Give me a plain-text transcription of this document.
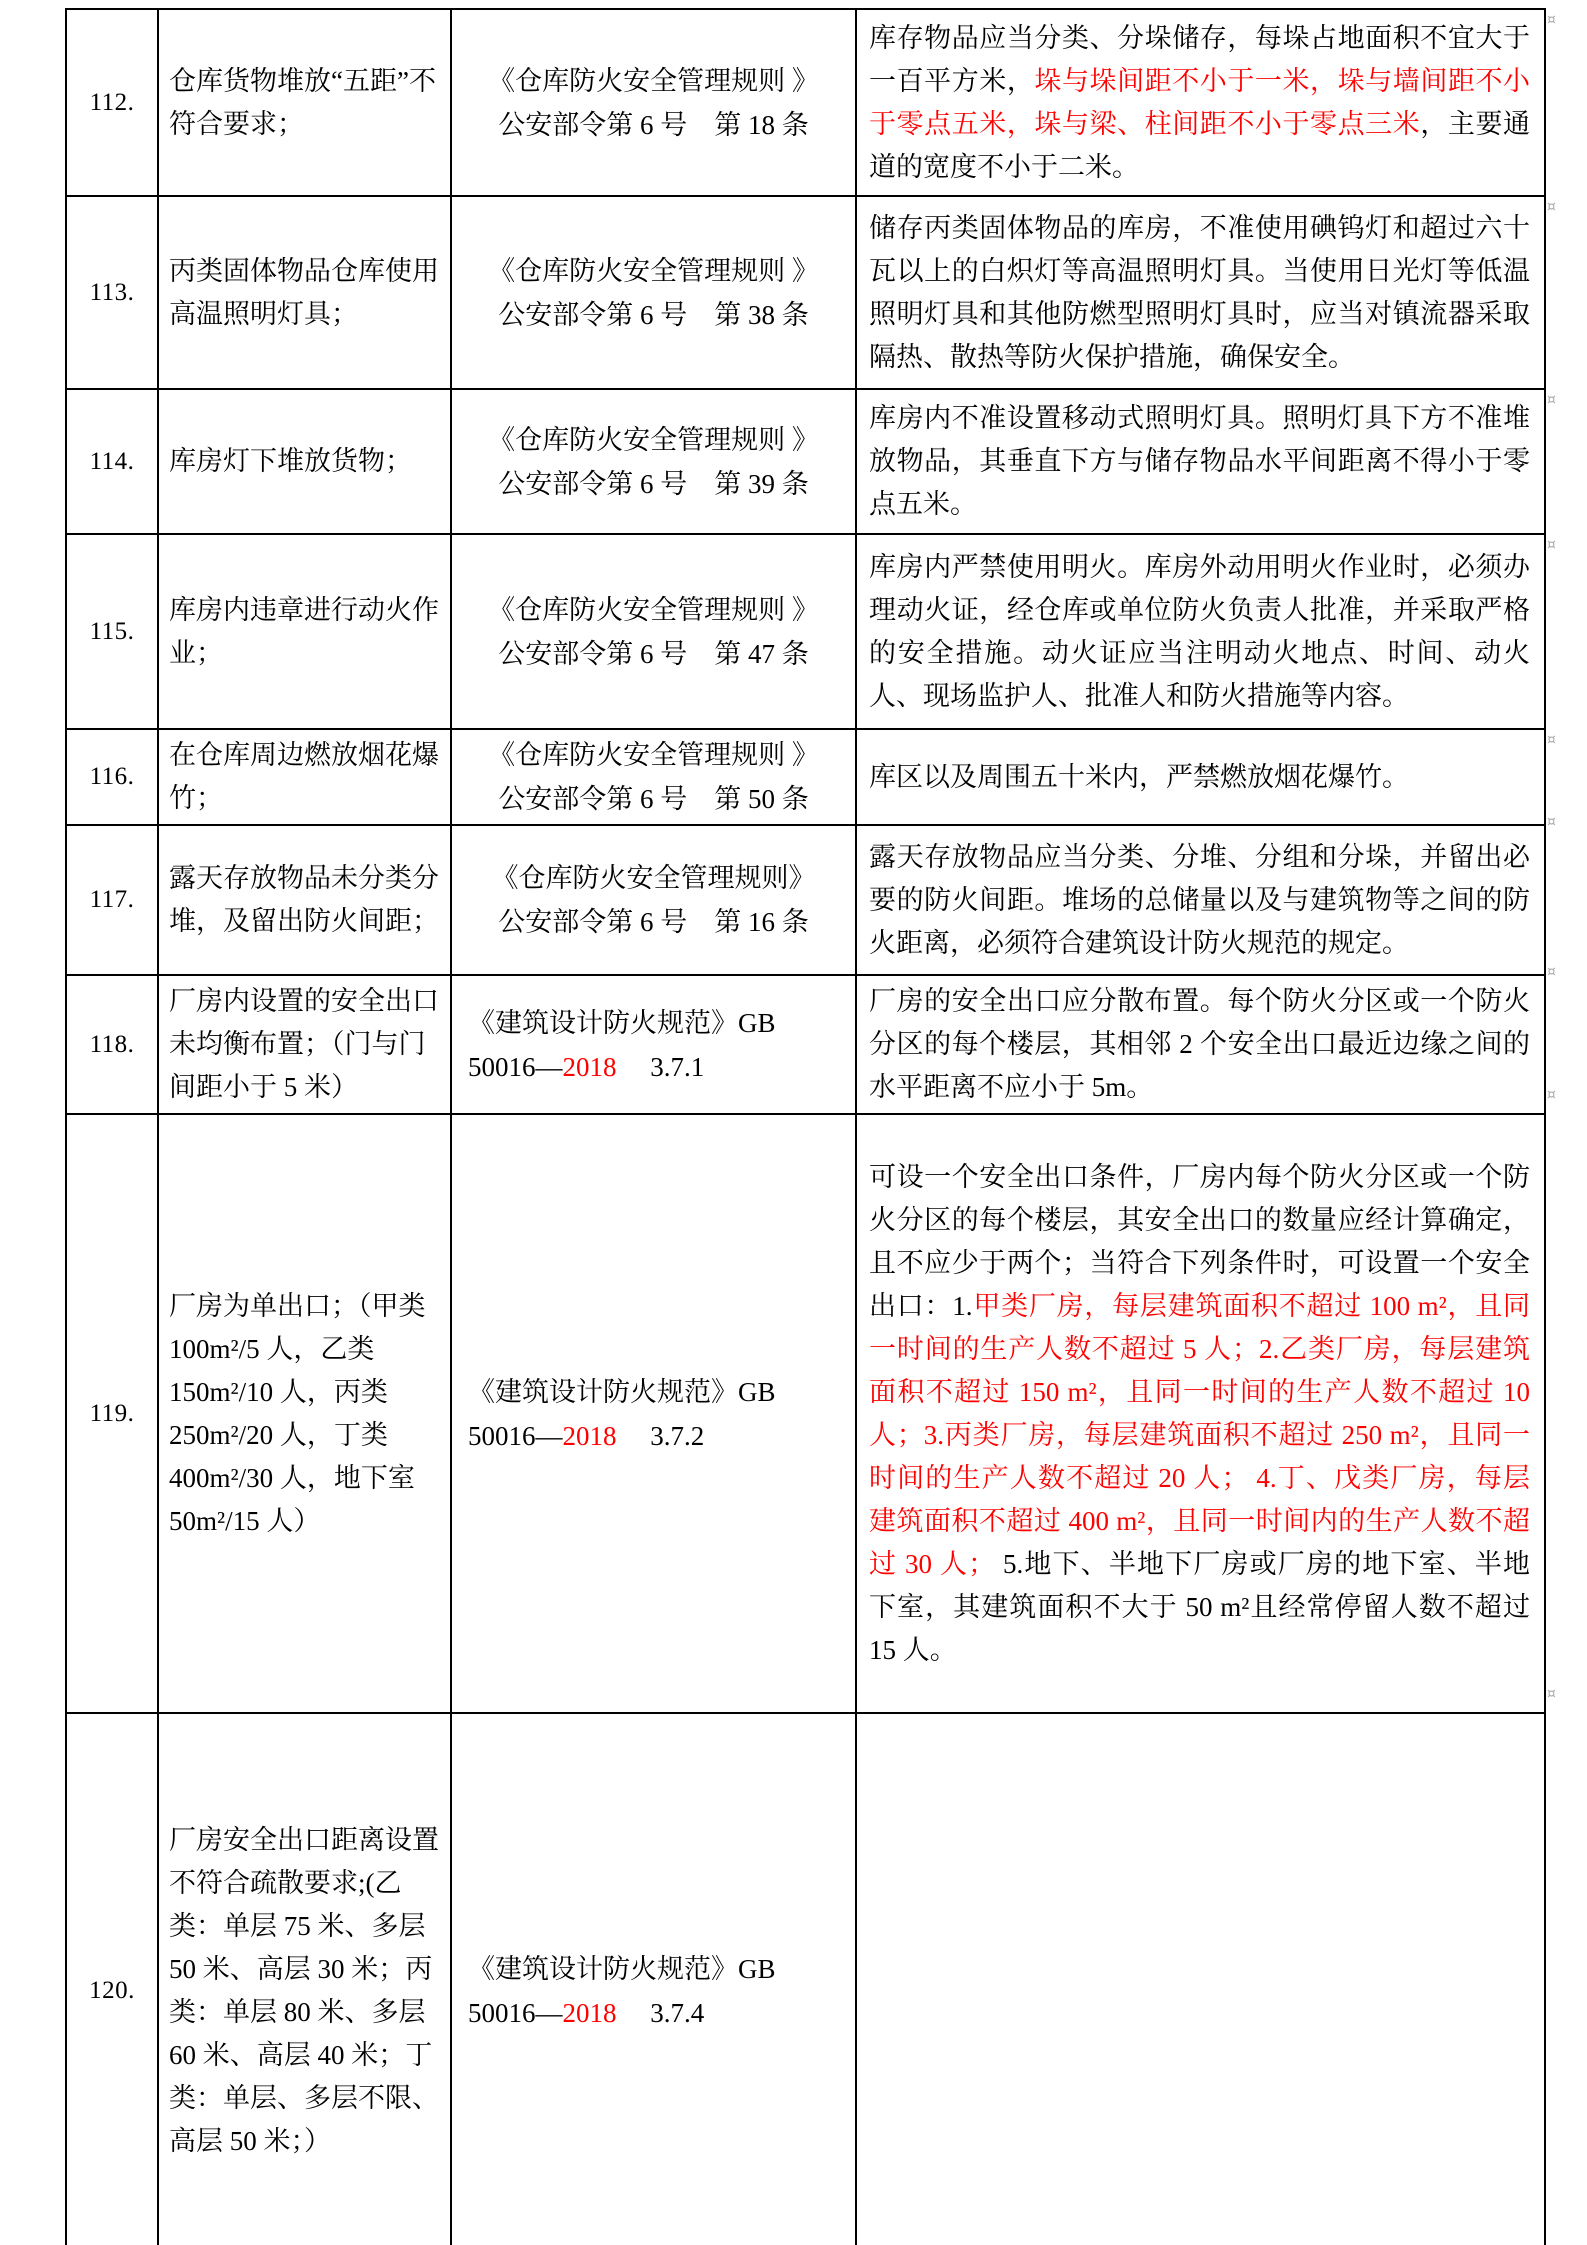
112.	仓库货物堆放“五距”不符合要求；	《仓库防火安全管理规则 》
公安部令第 6 号　第 18 条	库存物品应当分类、分垛储存，每垛占地面积不宜大于一百平方米，垛与垛间距不小于一米，垛与墙间距不小于零点五米，垛与梁、柱间距不小于零点三米，主要通道的宽度不小于二米。
113.	丙类固体物品仓库使用高温照明灯具；	《仓库防火安全管理规则 》
公安部令第 6 号　第 38 条	储存丙类固体物品的库房，不准使用碘钨灯和超过六十瓦以上的白炽灯等高温照明灯具。当使用日光灯等低温照明灯具和其他防燃型照明灯具时，应当对镇流器采取隔热、散热等防火保护措施，确保安全。
114.	库房灯下堆放货物；	《仓库防火安全管理规则 》
公安部令第 6 号　第 39 条	库房内不准设置移动式照明灯具。照明灯具下方不准堆放物品，其垂直下方与储存物品水平间距离不得小于零点五米。
115.	库房内违章进行动火作业；	《仓库防火安全管理规则 》
公安部令第 6 号　第 47 条	库房内严禁使用明火。库房外动用明火作业时，必须办理动火证，经仓库或单位防火负责人批准，并采取严格的安全措施。动火证应当注明动火地点、时间、动火人、现场监护人、批准人和防火措施等内容。
116.	在仓库周边燃放烟花爆竹；	《仓库防火安全管理规则 》
公安部令第 6 号　第 50 条	库区以及周围五十米内，严禁燃放烟花爆竹。
117.	露天存放物品未分类分堆，及留出防火间距；	《仓库防火安全管理规则》
公安部令第 6 号　第 16 条	露天存放物品应当分类、分堆、分组和分垛，并留出必要的防火间距。堆场的总储量以及与建筑物等之间的防火距离，必须符合建筑设计防火规范的规定。
118.	厂房内设置的安全出口未均衡布置；（门与门间距小于 5 米）	《建筑设计防火规范》GB
50016—2018　 3.7.1	厂房的安全出口应分散布置。每个防火分区或一个防火分区的每个楼层，其相邻 2 个安全出口最近边缘之间的水平距离不应小于 5m。
119.	厂房为单出口；（甲类 100m²/5 人，乙类 150m²/10 人，丙类 250m²/20 人，丁类 400m²/30 人，地下室 50m²/15 人）	《建筑设计防火规范》GB
50016—2018　 3.7.2	可设一个安全出口条件，厂房内每个防火分区或一个防火分区的每个楼层，其安全出口的数量应经计算确定，且不应少于两个；当符合下列条件时，可设置一个安全出口：1.甲类厂房，每层建筑面积不超过 100 m²，且同一时间的生产人数不超过 5 人；2.乙类厂房，每层建筑面积不超过 150 m²，且同一时间的生产人数不超过 10 人；3.丙类厂房，每层建筑面积不超过 250 m²，且同一时间的生产人数不超过 20 人； 4.丁、戊类厂房，每层建筑面积不超过 400 m²，且同一时间内的生产人数不超过 30 人； 5.地下、半地下厂房或厂房的地下室、半地下室，其建筑面积不大于 50 m²且经常停留人数不超过 15 人。
120.	厂房安全出口距离设置不符合疏散要求;(乙类：单层 75 米、多层 50 米、高层 30 米；丙类：单层 80 米、多层 60 米、高层 40 米；丁类：单层、多层不限、高层 50 米；）	《建筑设计防火规范》GB
50016—2018　 3.7.4	

¤
¤
¤
¤
¤
¤
¤
¤
¤
